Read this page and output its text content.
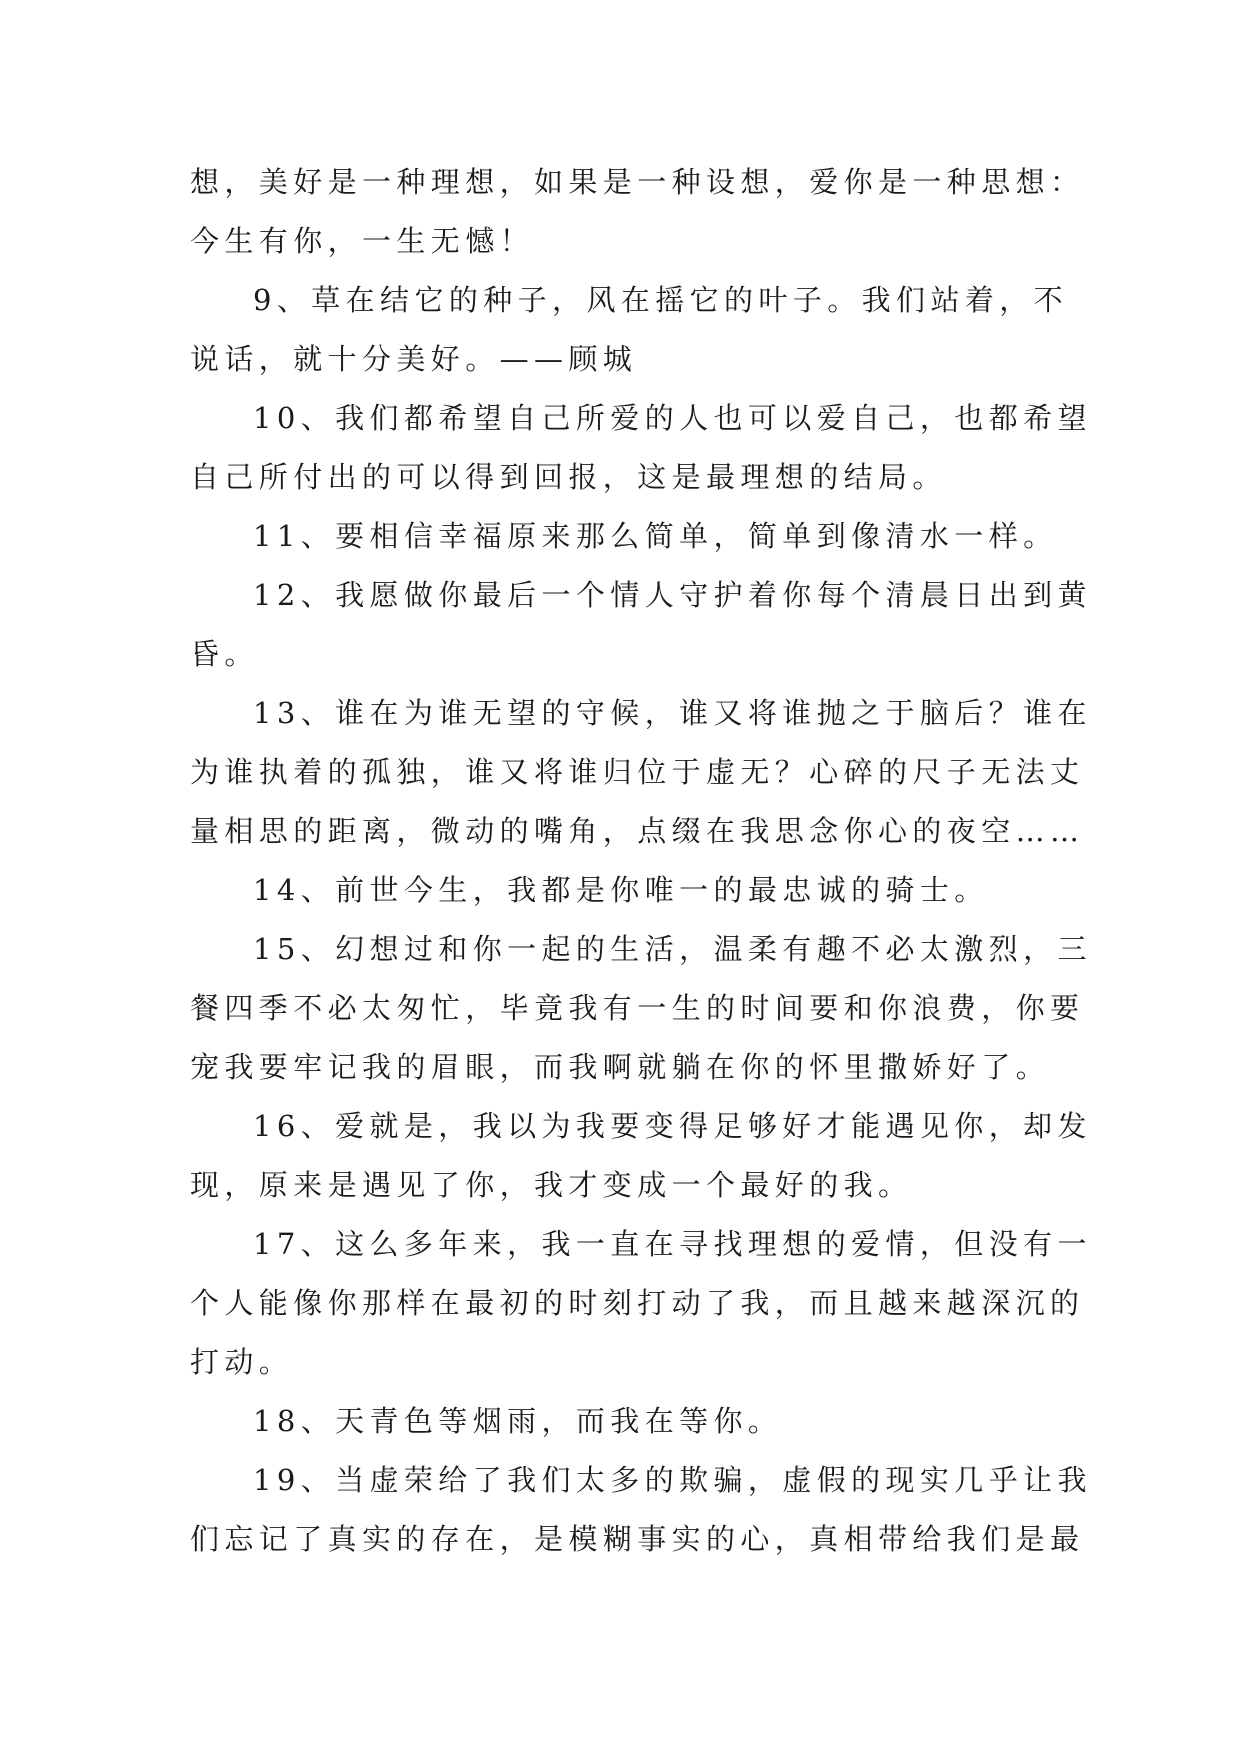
想，美好是一种理想，如果是一种设想，爱你是一种思想：
今生有你，一生无憾！
9、草在结它的种子，风在摇它的叶子。我们站着，不
说话，就十分美好。——顾城
10、我们都希望自己所爱的人也可以爱自己，也都希望
自己所付出的可以得到回报，这是最理想的结局。
11、要相信幸福原来那么简单，简单到像清水一样。
12、我愿做你最后一个情人守护着你每个清晨日出到黄
昏。
13、谁在为谁无望的守候，谁又将谁抛之于脑后？谁在
为谁执着的孤独，谁又将谁归位于虚无？心碎的尺子无法丈
量相思的距离，微动的嘴角，点缀在我思念你心的夜空……
14、前世今生，我都是你唯一的最忠诚的骑士。
15、幻想过和你一起的生活，温柔有趣不必太激烈，三
餐四季不必太匆忙，毕竟我有一生的时间要和你浪费，你要
宠我要牢记我的眉眼，而我啊就躺在你的怀里撒娇好了。
16、爱就是，我以为我要变得足够好才能遇见你，却发
现，原来是遇见了你，我才变成一个最好的我。
17、这么多年来，我一直在寻找理想的爱情，但没有一
个人能像你那样在最初的时刻打动了我，而且越来越深沉的
打动。
18、天青色等烟雨，而我在等你。
19、当虚荣给了我们太多的欺骗，虚假的现实几乎让我
们忘记了真实的存在，是模糊事实的心，真相带给我们是最
